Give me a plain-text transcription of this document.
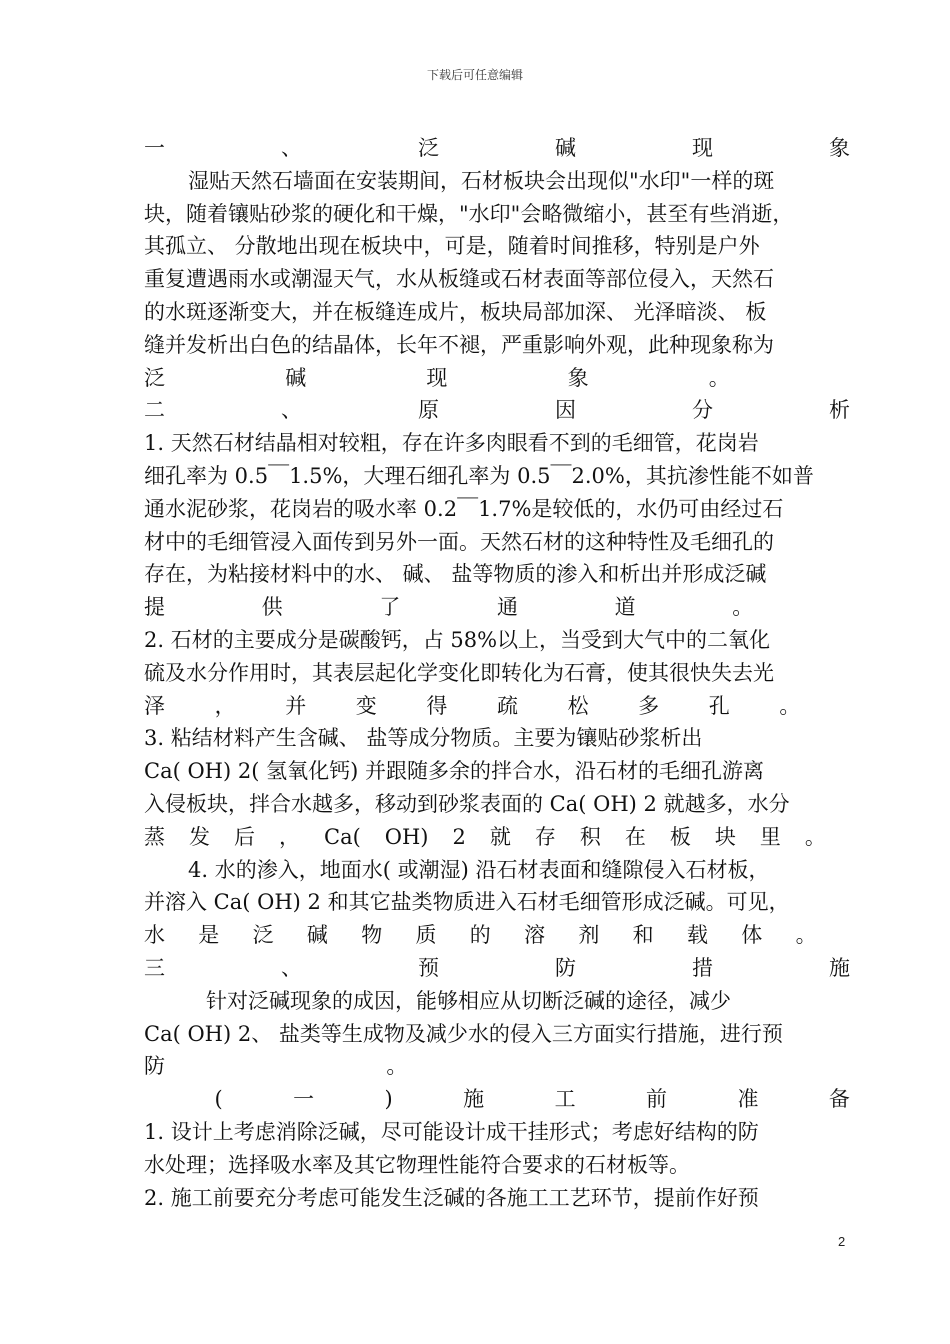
下载后可任意编辑
一	、	泛	碱	现	象
湿贴天然石墙面在安装期间，石材板块会出现似"水印"一样的斑
块，随着镶贴砂浆的硬化和干燥，"水印"会略微缩小，甚至有些消逝，
其孤立、 分散地出现在板块中，可是，随着时间推移，特别是户外
重复遭遇雨水或潮湿天气，水从板缝或石材表面等部位侵入，天然石
的水斑逐渐变大，并在板缝连成片，板块局部加深、 光泽暗淡、 板
缝并发析出白色的结晶体，长年不褪，严重影响外观，此种现象称为
泛	碱	现	象	。
二	、	原	因	分	析
1. 天然石材结晶相对较粗，存在许多肉眼看不到的毛细管，花岗岩
细孔率为 0.5￣1.5%，大理石细孔率为 0.5￣2.0%，其抗渗性能不如普
通水泥砂浆，花岗岩的吸水率 0.2￣1.7%是较低的，水仍可由经过石
材中的毛细管浸入面传到另外一面。天然石材的这种特性及毛细孔的
存在，为粘接材料中的水、 碱、 盐等物质的渗入和析出并形成泛碱
提	供	了	通	道	。
2. 石材的主要成分是碳酸钙，占 58%以上，当受到大气中的二氧化
硫及水分作用时，其表层起化学变化即转化为石膏，使其很快失去光
泽 ， 并 变 得 疏 松 多 孔 。
3. 粘结材料产生含碱、 盐等成分物质。主要为镶贴砂浆析出
Ca( OH) 2( 氢氧化钙) 并跟随多余的拌合水，沿石材的毛细孔游离
入侵板块，拌合水越多，移动到砂浆表面的 Ca( OH) 2 就越多，水分
蒸 发 后 ， Ca( OH) 2 就 存 积 在 板 块 里 。
4. 水的渗入，地面水( 或潮湿) 沿石材表面和缝隙侵入石材板，
并溶入 Ca( OH) 2 和其它盐类物质进入石材毛细管形成泛碱。可见，
水 是 泛 碱 物 质 的 溶 剂 和 载 体 。
三	、	预	防	措	施
针对泛碱现象的成因，能够相应从切断泛碱的途径，减少
Ca( OH) 2、 盐类等生成物及减少水的侵入三方面实行措施，进行预
防	。
(	一	)	施	工	前	准	备
1. 设计上考虑消除泛碱，尽可能设计成干挂形式；考虑好结构的防
水处理；选择吸水率及其它物理性能符合要求的石材板等。
2. 施工前要充分考虑可能发生泛碱的各施工工艺环节，提前作好预
2
